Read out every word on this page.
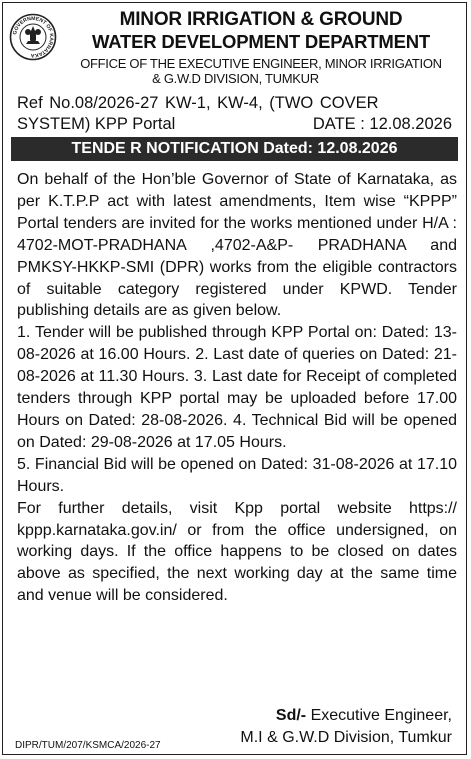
GOVERNMENT OF KARNATAKA
MINOR IRRIGATION & GROUND
WATER DEVELOPMENT DEPARTMENT
OFFICE OF THE EXECUTIVE ENGINEER, MINOR IRRIGATION
& G.W.D DIVISION, TUMKUR
Ref No.08/2026-27 KW-1, KW-4, (TWO COVER
SYSTEM) KPP Portal	DATE : 12.08.2026
TENDE R NOTIFICATION Dated: 12.08.2026

On behalf of the Hon’ble Governor of State of Karnataka, as per K.T.P.P act with latest amendments, Item wise “KPPP” Portal tenders are invited for the works mentioned under H/A : 4702-MOT-PRADHANA ,4702-A&P- PRADHANA and PMKSY-HKKP-SMI (DPR) works from the eligible contractors of suitable category registered under KPWD. Tender publishing details are as given below.

1. Tender will be published through KPP Portal on: Dated: 13-08-2026 at 16.00 Hours. 2. Last date of queries on Dated: 21-08-2026 at 11.30 Hours. 3. Last date for Receipt of completed tenders through KPP portal may be uploaded before 17.00 Hours on Dated: 28-08-2026. 4. Technical Bid will be opened on Dated: 29-08-2026 at 17.05 Hours.

5. Financial Bid will be opened on Dated: 31-08-2026 at 17.10 Hours.

For further details, visit Kpp portal website https:// kppp.karnataka.gov.in/ or from the office undersigned, on working days. If the office happens to be closed on dates above as specified, the next working day at the same time and venue will be considered.

Sd/- Executive Engineer,
M.I & G.W.D Division, Tumkur
DIPR/TUM/207/KSMCA/2026-27
